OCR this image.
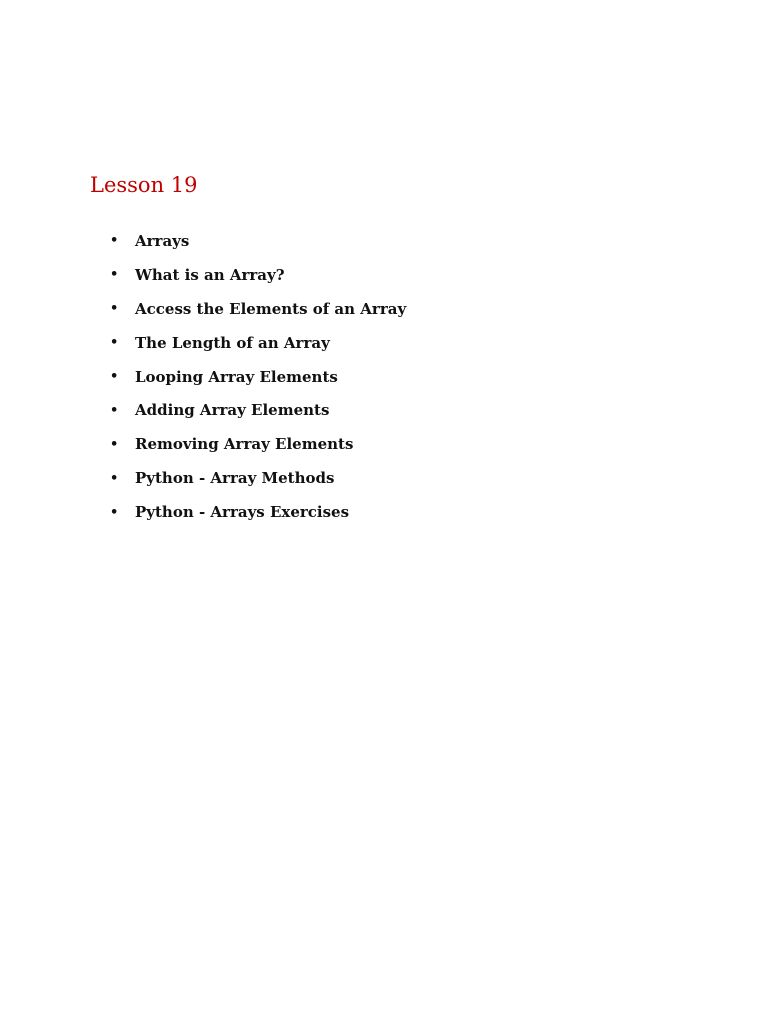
Lesson 19
•	Arrays
•	What is an Array?
•	Access the Elements of an Array
•	The Length of an Array
•	Looping Array Elements
•	Adding Array Elements
•	Removing Array Elements
•	Python - Array Methods
•	Python - Arrays Exercises
